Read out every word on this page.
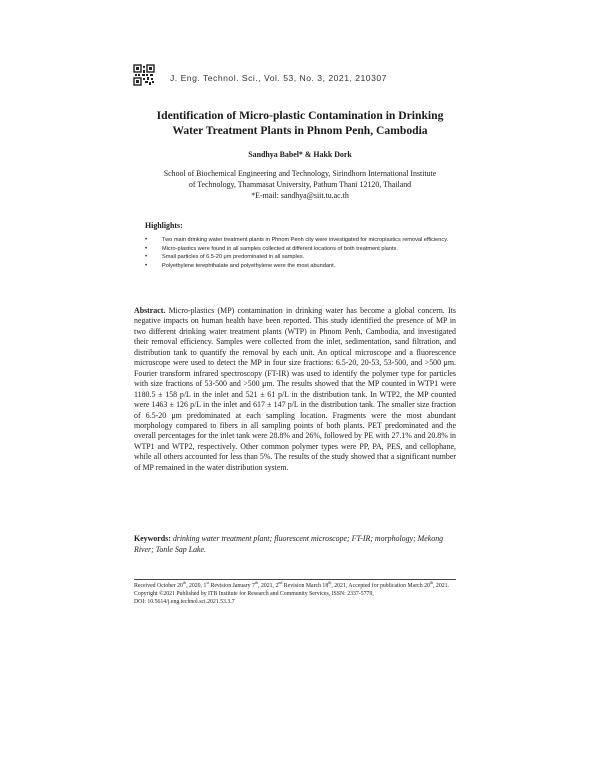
J. Eng. Technol. Sci., Vol. 53, No. 3, 2021, 210307
Identification of Micro-plastic Contamination in Drinking
Water Treatment Plants in Phnom Penh, Cambodia
Sandhya Babel* & Hakk Dork
School of Biochemical Engineering and Technology, Sirindhorn International Institute
of Technology, Thammasat University, Pathum Thani 12120, Thailand
*E-mail: sandhya@siit.tu.ac.th
Highlights:
•	Two main drinking water treatment plants in Phnom Penh city were investigated for microplastics removal efficiency.
•	Micro-plastics were found in all samples collected at different locations of both treatment plants.
•	Small particles of 6.5-20 μm predominated in all samples.
•	Polyethylene terephthalate and polyethylene were the most abundant.

Abstract. Micro-plastics (MP) contamination in drinking water has become a global concern. Its negative impacts on human health have been reported. This study identified the presence of MP in two different drinking water treatment plants (WTP) in Phnom Penh, Cambodia, and investigated their removal efficiency. Samples were collected from the inlet, sedimentation, sand filtration, and distribution tank to quantify the removal by each unit. An optical microscope and a fluorescence microscope were used to detect the MP in four size fractions: 6.5-20, 20-53, 53-500, and >500 μm. Fourier transform infrared spectroscopy (FT-IR) was used to identify the polymer type for particles with size fractions of 53-500 and >500 μm. The results showed that the MP counted in WTP1 were 1180.5 ± 158 p/L in the inlet and 521 ± 61 p/L in the distribution tank. In WTP2, the MP counted were 1463 ± 126 p/L in the inlet and 617 ± 147 p/L in the distribution tank. The smaller size fraction of 6.5-20 μm predominated at each sampling location. Fragments were the most abundant morphology compared to fibers in all sampling points of both plants. PET predominated and the overall percentages for the inlet tank were 28.8% and 26%, followed by PE with 27.1% and 20.8% in WTP1 and WTP2, respectively. Other common polymer types were PP, PA, PES, and cellophane, while all others accounted for less than 5%. The results of the study showed that a significant number of MP remained in the water distribution system.

Keywords: drinking water treatment plant; fluorescent microscope; FT-IR; morphology; Mekong River; Tonle Sap Lake.

Received October 20th, 2020, 1st Revision January 7th, 2021, 2nd Revision March 18th, 2021, Accepted for publication March 20th, 2021.
Copyright ©2021 Published by ITB Institute for Research and Community Services, ISSN: 2337-5779,
DOI: 10.5614/j.eng.technol.sci.2021.53.3.7
